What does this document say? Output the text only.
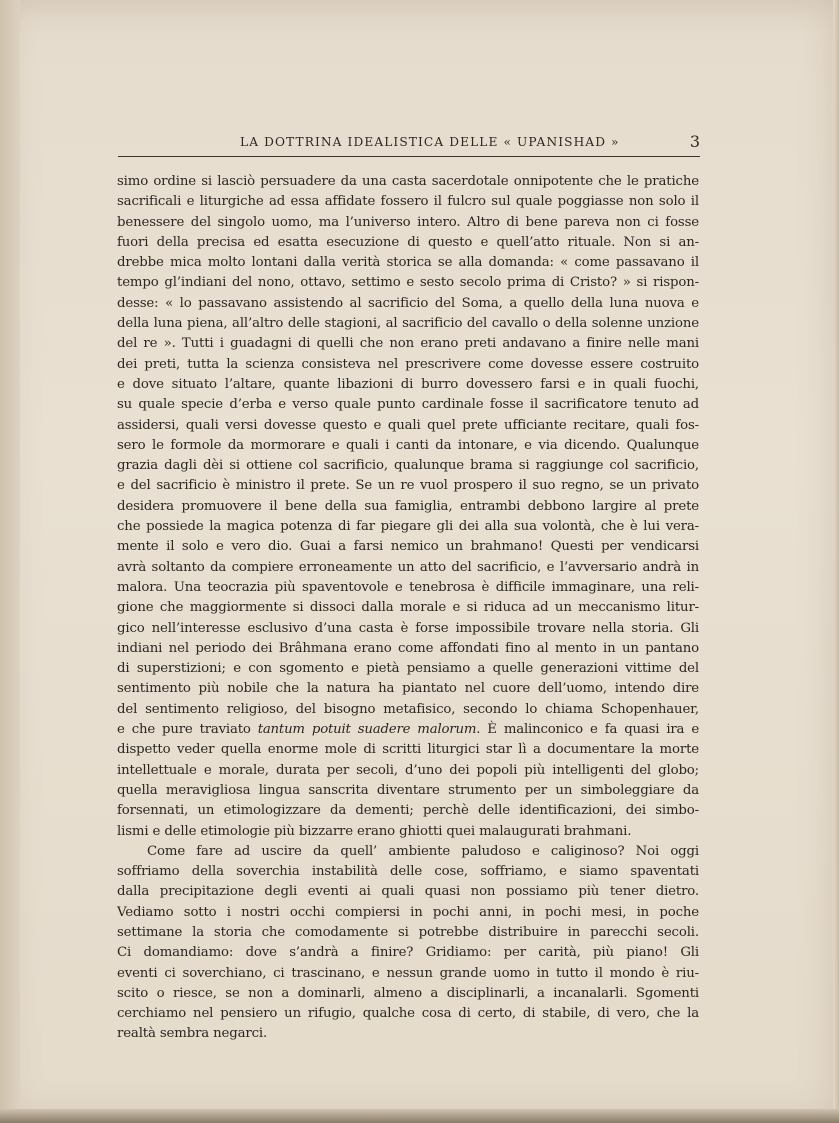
LA DOTTRINA IDEALISTICA DELLE « UPANISHAD »	3
simo ordine si lasciò persuadere da una casta sacerdotale onnipotente che le pratiche
sacrificali e liturgiche ad essa affidate fossero il fulcro sul quale poggiasse non solo il
benessere del singolo uomo, ma l’universo intero. Altro di bene pareva non ci fosse
fuori della precisa ed esatta esecuzione di questo e quell’atto rituale. Non si an-
drebbe mica molto lontani dalla verità storica se alla domanda: « come passavano il
tempo gl’indiani del nono, ottavo, settimo e sesto secolo prima di Cristo? » si rispon-
desse: « lo passavano assistendo al sacrificio del Soma, a quello della luna nuova e
della luna piena, all’altro delle stagioni, al sacrificio del cavallo o della solenne unzione
del re ». Tutti i guadagni di quelli che non erano preti andavano a finire nelle mani
dei preti, tutta la scienza consisteva nel prescrivere come dovesse essere costruito
e dove situato l’altare, quante libazioni di burro dovessero farsi e in quali fuochi,
su quale specie d’erba e verso quale punto cardinale fosse il sacrificatore tenuto ad
assidersi, quali versi dovesse questo e quali quel prete ufficiante recitare, quali fos-
sero le formole da mormorare e quali i canti da intonare, e via dicendo. Qualunque
grazia dagli dèi si ottiene col sacrificio, qualunque brama si raggiunge col sacrificio,
e del sacrificio è ministro il prete. Se un re vuol prospero il suo regno, se un privato
desidera promuovere il bene della sua famiglia, entrambi debbono largire al prete
che possiede la magica potenza di far piegare gli dei alla sua volontà, che è lui vera-
mente il solo e vero dio. Guai a farsi nemico un brahmano! Questi per vendicarsi
avrà soltanto da compiere erroneamente un atto del sacrificio, e l’avversario andrà in
malora. Una teocrazia più spaventovole e tenebrosa è difficile immaginare, una reli-
gione che maggiormente si dissoci dalla morale e si riduca ad un meccanismo litur-
gico nell’interesse esclusivo d’una casta è forse impossibile trovare nella storia. Gli
indiani nel periodo dei Brâhmana erano come affondati fino al mento in un pantano
di superstizioni; e con sgomento e pietà pensiamo a quelle generazioni vittime del
sentimento più nobile che la natura ha piantato nel cuore dell’uomo, intendo dire
del sentimento religioso, del bisogno metafisico, secondo lo chiama Schopenhauer,
e che pure traviato tantum potuit suadere malorum. È malinconico e fa quasi ira e
dispetto veder quella enorme mole di scritti liturgici star lì a documentare la morte
intellettuale e morale, durata per secoli, d’uno dei popoli più intelligenti del globo;
quella meravigliosa lingua sanscrita diventare strumento per un simboleggiare da
forsennati, un etimologizzare da dementi; perchè delle identificazioni, dei simbo-
lismi e delle etimologie più bizzarre erano ghiotti quei malaugurati brahmani.
Come fare ad uscire da quell’ ambiente paludoso e caliginoso? Noi oggi
soffriamo della soverchia instabilità delle cose, soffriamo, e siamo spaventati
dalla precipitazione degli eventi ai quali quasi non possiamo più tener dietro.
Vediamo sotto i nostri occhi compiersi in pochi anni, in pochi mesi, in poche
settimane la storia che comodamente si potrebbe distribuire in parecchi secoli.
Ci domandiamo: dove s’andrà a finire? Gridiamo: per carità, più piano! Gli
eventi ci soverchiano, ci trascinano, e nessun grande uomo in tutto il mondo è riu-
scito o riesce, se non a dominarli, almeno a disciplinarli, a incanalarli. Sgomenti
cerchiamo nel pensiero un rifugio, qualche cosa di certo, di stabile, di vero, che la
realtà sembra negarci.
